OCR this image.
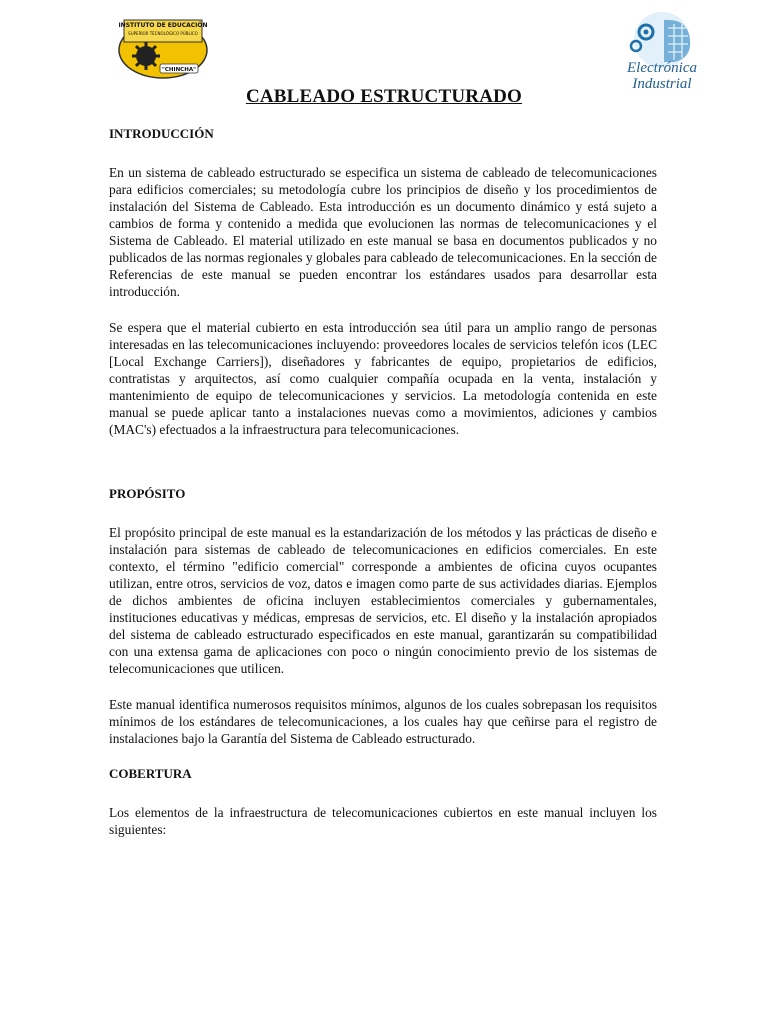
INSTITUTO DE EDUCACIÓN
SUPERIOR TECNOLÓGICO PÚBLICO
"CHINCHA"	Electrónica
Industrial
CABLEADO ESTRUCTURADO
INTRODUCCIÓN

En un sistema de cableado estructurado se especifica un sistema de cableado de telecomunicaciones para edificios comerciales; su metodología cubre los principios de diseño y los procedimientos de instalación del Sistema de Cableado. Esta introducción es un documento dinámico y está sujeto a cambios de forma y contenido a medida que evolucionen las normas de telecomunicaciones y el Sistema de Cableado. El material utilizado en este manual se basa en documentos publicados y no publicados de las normas regionales y globales para cableado de telecomunicaciones. En la sección de Referencias de este manual se pueden encontrar los estándares usados para desarrollar esta introducción.

Se espera que el material cubierto en esta introducción sea útil para un amplio rango de personas interesadas en las telecomunicaciones incluyendo: proveedores locales de servicios telefón icos (LEC [Local Exchange Carriers]), diseñadores y fabricantes de equipo, propietarios de edificios, contratistas y arquitectos, así como cualquier compañía ocupada en la venta, instalación y mantenimiento de equipo de telecomunicaciones y servicios. La metodología contenida en este manual se puede aplicar tanto a instalaciones nuevas como a movimientos, adiciones y cambios (MAC's) efectuados a la infraestructura para telecomunicaciones.

PROPÓSITO

El propósito principal de este manual es la estandarización de los métodos y las prácticas de diseño e instalación para sistemas de cableado de telecomunicaciones en edificios comerciales. En este contexto, el término "edificio comercial" corresponde a ambientes de oficina cuyos ocupantes utilizan, entre otros, servicios de voz, datos e imagen como parte de sus actividades diarias. Ejemplos de dichos ambientes de oficina incluyen establecimientos comerciales y gubernamentales, instituciones educativas y médicas, empresas de servicios, etc. El diseño y la instalación apropiados del sistema de cableado estructurado especificados en este manual, garantizarán su compatibilidad con una extensa gama de aplicaciones con poco o ningún conocimiento previo de los sistemas de telecomunicaciones que utilicen.

Este manual identifica numerosos requisitos mínimos, algunos de los cuales sobrepasan los requisitos mínimos de los estándares de telecomunicaciones, a los cuales hay que ceñirse para el registro de instalaciones bajo la Garantía del Sistema de Cableado estructurado.

COBERTURA

Los elementos de la infraestructura de telecomunicaciones cubiertos en este manual incluyen los siguientes:
